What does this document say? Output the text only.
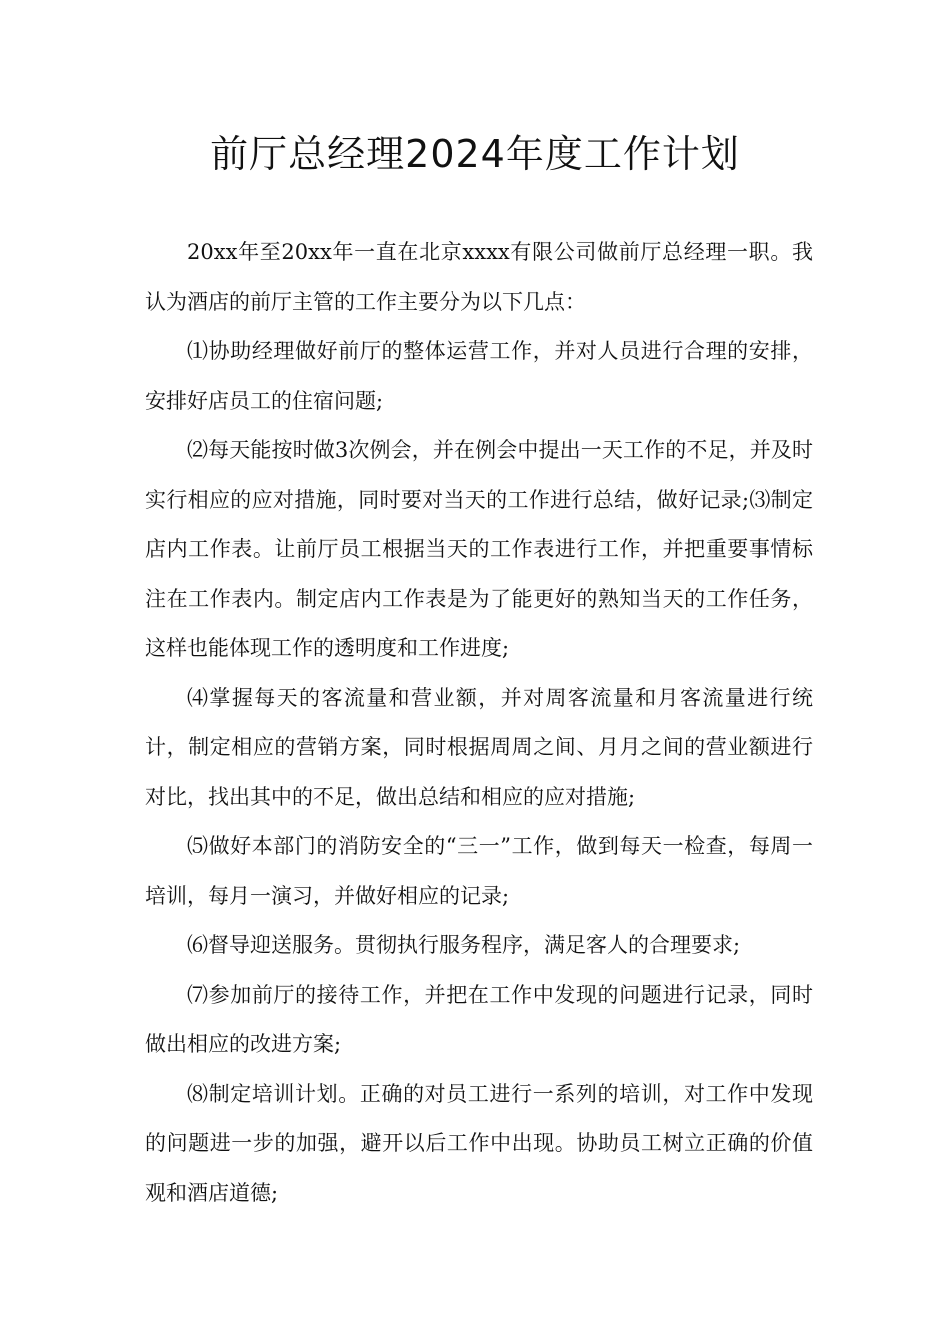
前厅总经理2024年度工作计划

20xx年至20xx年一直在北京xxxx有限公司做前厅总经理一职。我认为酒店的前厅主管的工作主要分为以下几点：

⑴协助经理做好前厅的整体运营工作，并对人员进行合理的安排，安排好店员工的住宿问题;

⑵每天能按时做3次例会，并在例会中提出一天工作的不足，并及时实行相应的应对措施，同时要对当天的工作进行总结，做好记录;⑶制定店内工作表。让前厅员工根据当天的工作表进行工作，并把重要事情标注在工作表内。制定店内工作表是为了能更好的熟知当天的工作任务，这样也能体现工作的透明度和工作进度;

⑷掌握每天的客流量和营业额，并对周客流量和月客流量进行统计，制定相应的营销方案，同时根据周周之间、月月之间的营业额进行对比，找出其中的不足，做出总结和相应的应对措施;

⑸做好本部门的消防安全的“三一”工作，做到每天一检查，每周一培训，每月一演习，并做好相应的记录;

⑹督导迎送服务。贯彻执行服务程序，满足客人的合理要求;

⑺参加前厅的接待工作，并把在工作中发现的问题进行记录，同时做出相应的改进方案;

⑻制定培训计划。正确的对员工进行一系列的培训，对工作中发现的问题进一步的加强，避开以后工作中出现。协助员工树立正确的价值观和酒店道德;
